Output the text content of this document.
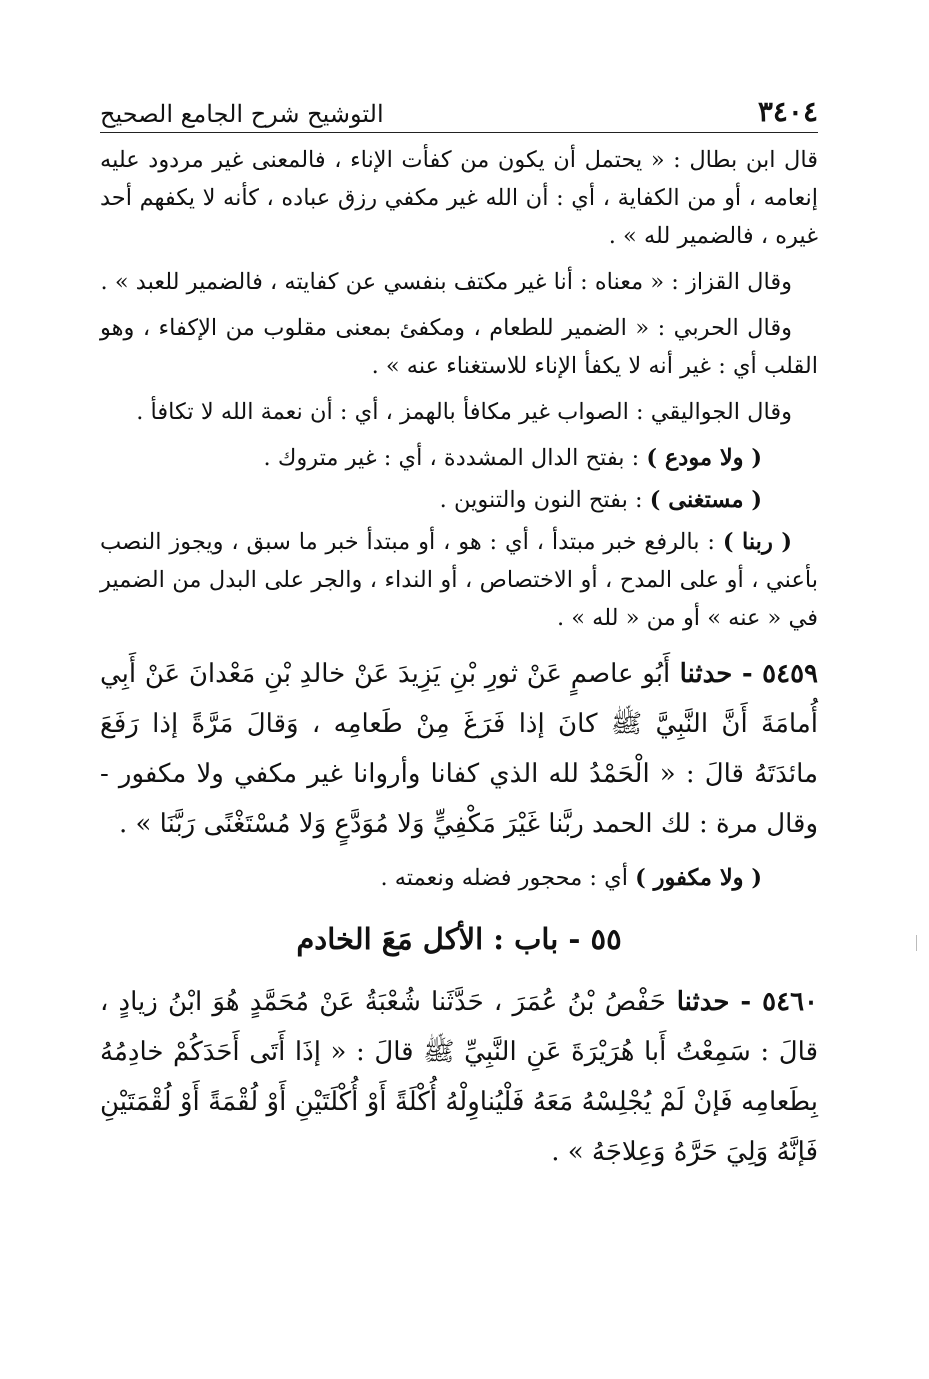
٣٤٠٤
التوشيح شرح الجامع الصحيح

قال ابن بطال : « يحتمل أن يكون من كفأت الإناء ، فالمعنى غير مردود عليه إنعامه ، أو من الكفاية ، أي : أن الله غير مكفي رزق عباده ، كأنه لا يكفهم أحد غيره ، فالضمير لله » .

وقال القزاز : « معناه : أنا غير مكتف بنفسي عن كفايته ، فالضمير للعبد » .

وقال الحربي : « الضمير للطعام ، ومكفئ بمعنى مقلوب من الإكفاء ، وهو القلب أي : غير أنه لا يكفأ الإناء للاستغناء عنه » .

وقال الجواليقي : الصواب غير مكافأ بالهمز ، أي : أن نعمة الله لا تكافأ .

( ولا مودع ) : بفتح الدال المشددة ، أي : غير متروك .

( مستغنى ) : بفتح النون والتنوين .

( ربنا ) : بالرفع خبر مبتدأ ، أي : هو ، أو مبتدأ خبر ما سبق ، ويجوز النصب بأعني ، أو على المدح ، أو الاختصاص ، أو النداء ، والجر على البدل من الضمير في « عنه » أو من « لله » .

٥٤٥٩ - حدثنا أَبُو عاصمٍ عَنْ ثورِ بْنِ يَزِيدَ عَنْ خالدِ بْنِ مَعْدانَ عَنْ أَبِي أُمامَةَ أَنَّ النَّبِيَّ ﷺ كانَ إذا فَرَغَ مِنْ طَعامِه ، وَقالَ مَرَّةً إذا رَفَعَ مائدَتَهُ قالَ : « الْحَمْدُ لله الذي كفانا وأروانا غير مكفي ولا مكفور - وقال مرة : لك الحمد ربَّنا غَيْرَ مَكْفِيٍّ وَلا مُوَدَّعٍ وَلا مُسْتَغْنًى رَبَّنَا » .

( ولا مكفور ) أي : محجور فضله ونعمته .

٥٥ - باب : الأكل مَعَ الخادم

٥٤٦٠ - حدثنا حَفْصُ بْنُ عُمَرَ ، حَدَّثَنا شُعْبَةُ عَنْ مُحَمَّدٍ هُوَ ابْنُ زيادٍ ، قالَ : سَمِعْتُ أَبا هُرَيْرَةَ عَنِ النَّبِيِّ ﷺ قالَ : « إذَا أَتَى أَحَدَكُمْ خادِمُهُ بِطَعامِه فَإنْ لَمْ يُجْلِسْهُ مَعَهُ فَلْيُناوِلْهُ أُكْلَةً أَوْ أُكْلَتَيْنِ أَوْ لُقْمَةً أَوْ لُقْمَتَيْنِ فَإنَّهُ وَلِيَ حَرَّهُ وَعِلاجَهُ » .
